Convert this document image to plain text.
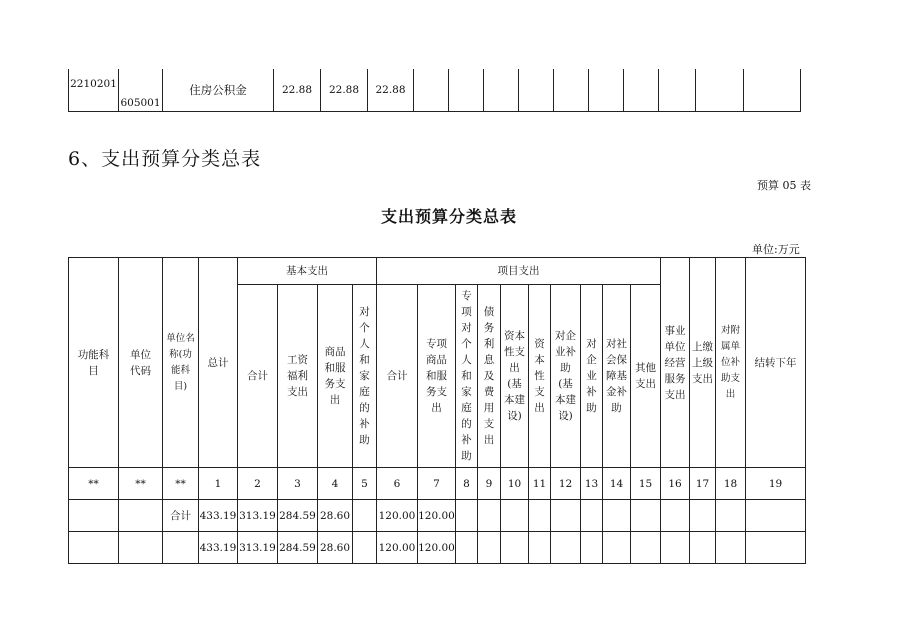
2210201	605001	住房公积金	22.88	22.88	22.88										
6、支出预算分类总表
预算 05 表
支出预算分类总表
单位:万元
功能科目	单位代码	单位名称(功能科目)	总计	基本支出				项目支出										事业单位经营服务支出	上缴上级支出	对附属单位补助支出	结转下年
				合计	工资福利支出	商品和服务支出	对个人和家庭的补助	合计	专项商品和服务支出	专项对个人和家庭的补助	债务利息及费用支出	资本性支出(基本建设)	资本性支出	对企业补助(基本建设)	对企业补助	对社会保障基金补助	其他支出				
**	**	**	1	2	3	4	5	6	7	8	9	10	11	12	13	14	15	16	17	18	19
		合计	433.19	313.19	284.59	28.60		120.00	120.00												
			433.19	313.19	284.59	28.60		120.00	120.00												
